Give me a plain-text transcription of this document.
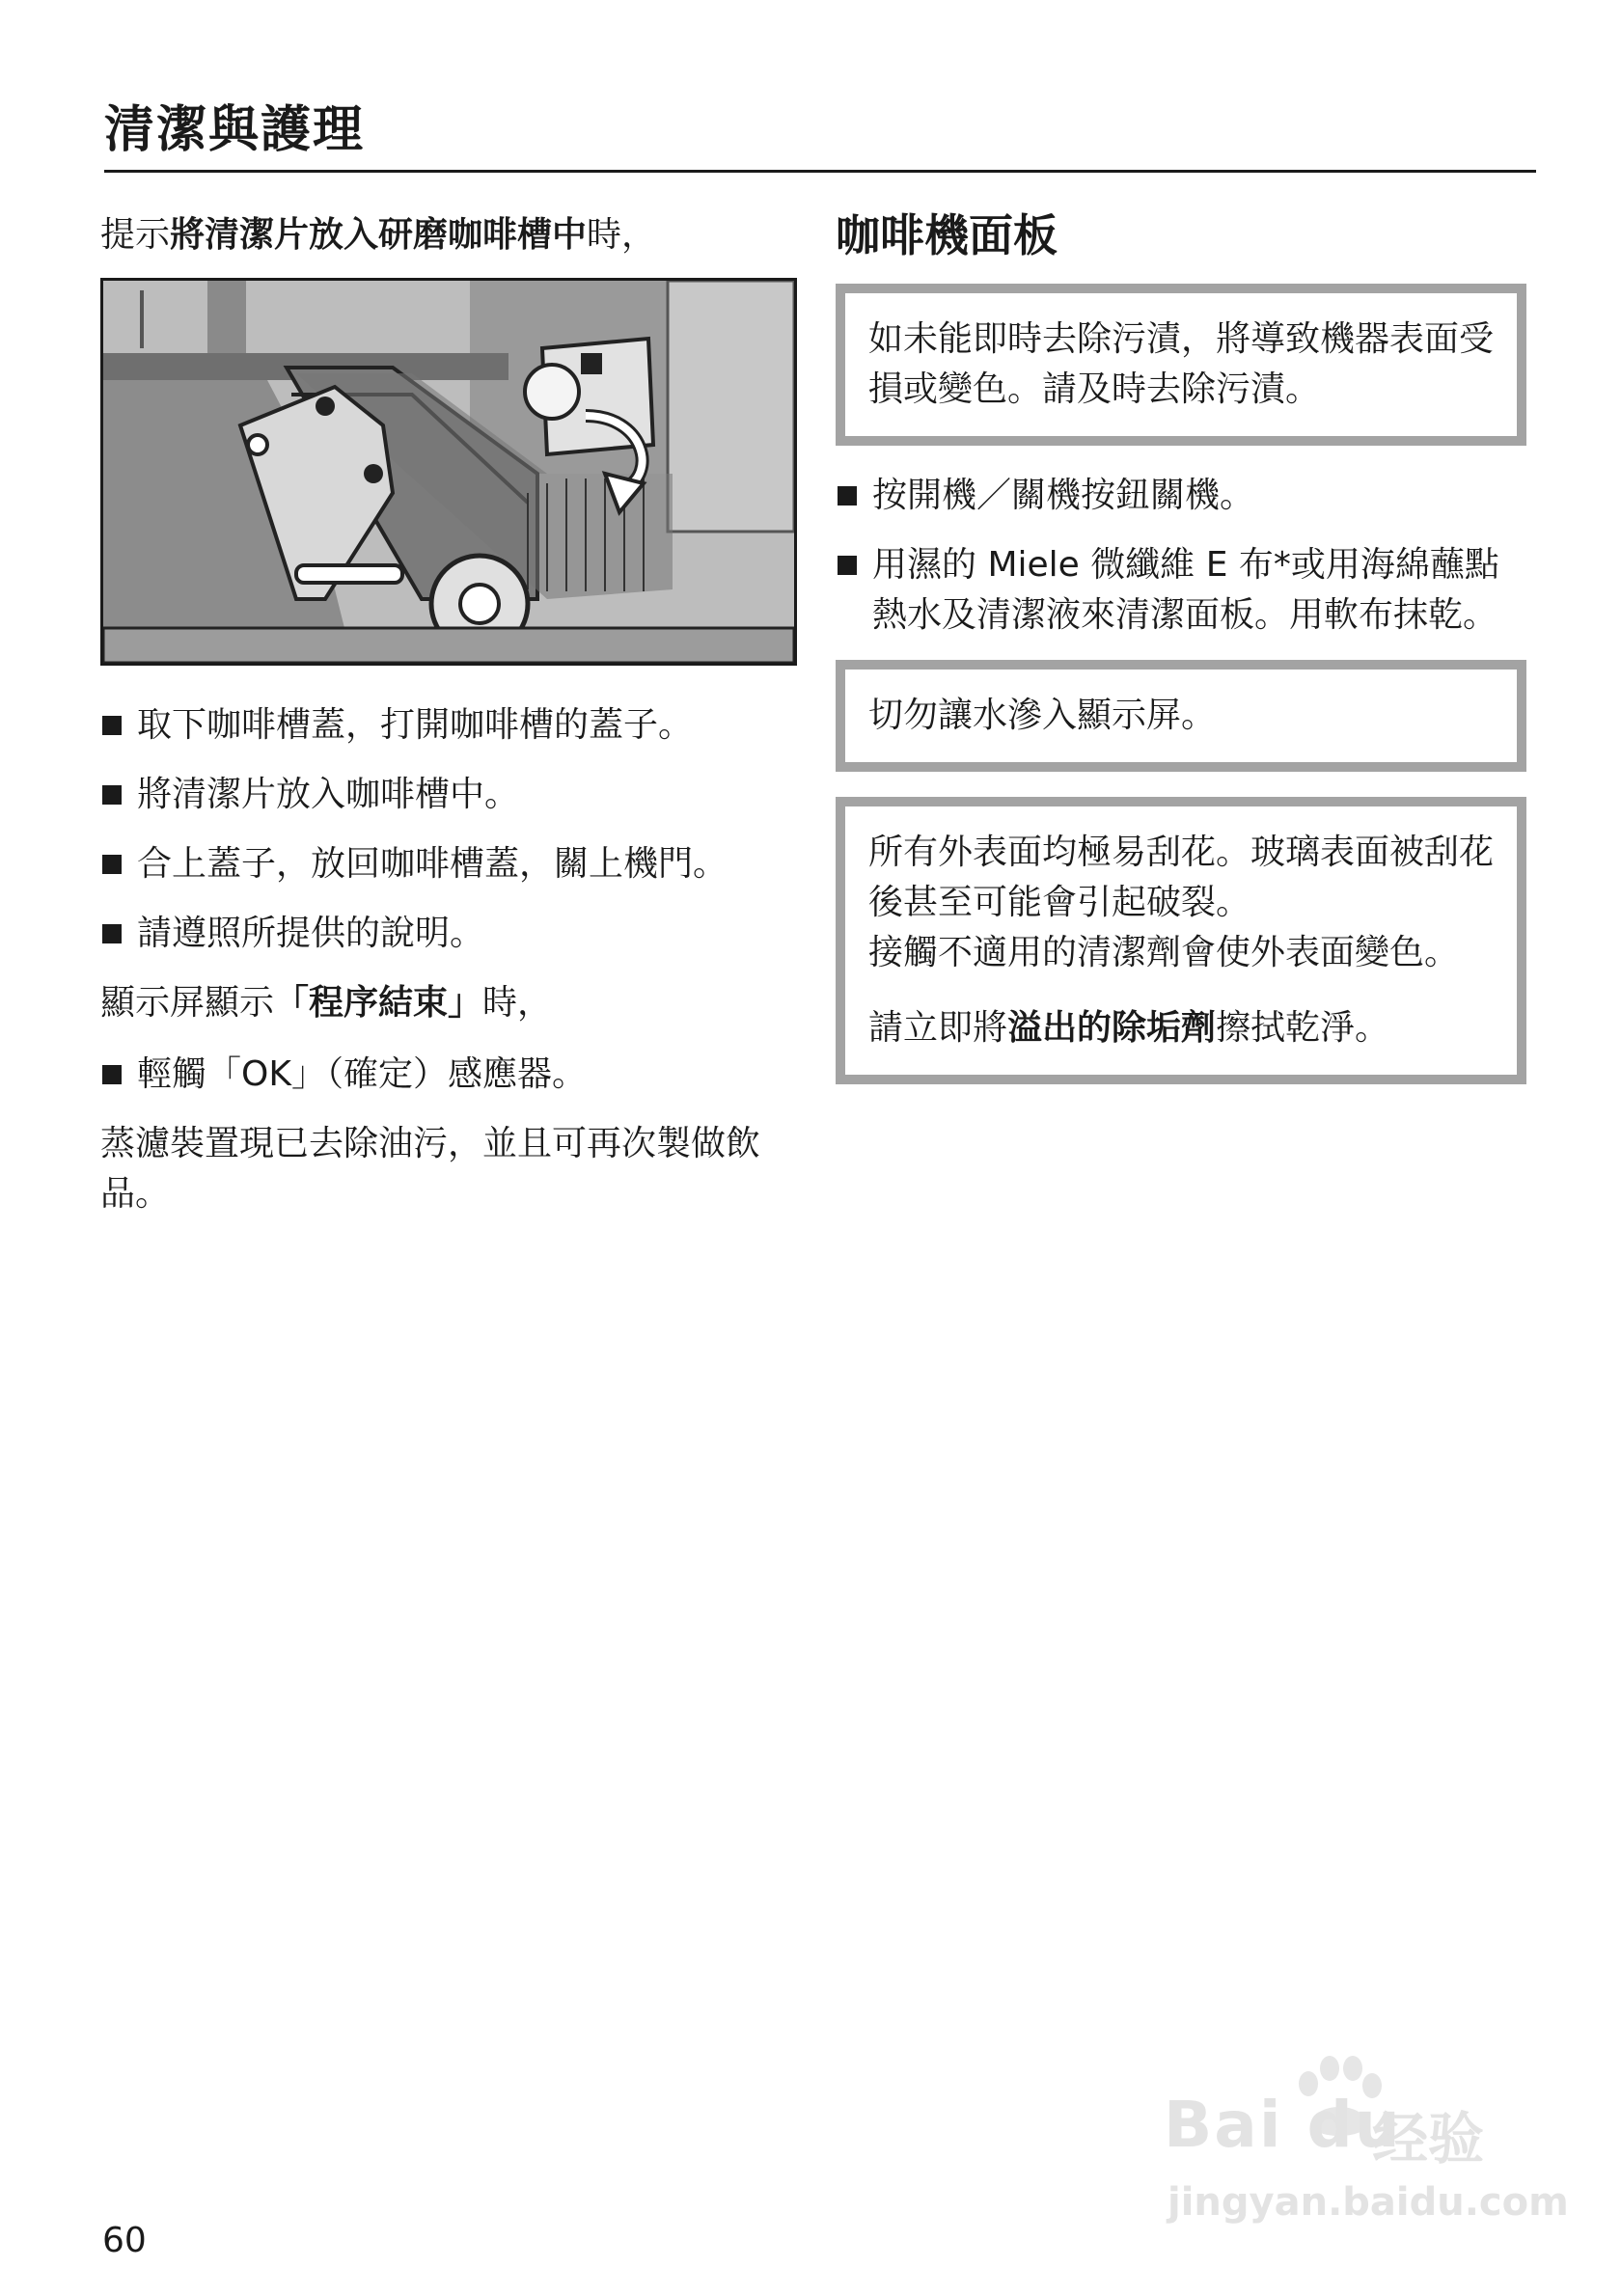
清潔與護理
提示將清潔片放入研磨咖啡槽中時，
取下咖啡槽蓋，打開咖啡槽的蓋子。
將清潔片放入咖啡槽中。
合上蓋子，放回咖啡槽蓋，關上機門。
請遵照所提供的說明。
顯示屏顯示「程序結束」時，
輕觸「OK」（確定）感應器。
蒸濾裝置現已去除油污，並且可再次製做飲品。
咖啡機面板
如未能即時去除污漬，將導致機器表面受損或變色。請及時去除污漬。
按開機／關機按鈕關機。
用濕的 Miele 微纖維 E 布*或用海綿蘸點熱水及清潔液來清潔面板。用軟布抹乾。
切勿讓水滲入顯示屏。
所有外表面均極易刮花。玻璃表面被刮花後甚至可能會引起破裂。
接觸不適用的清潔劑會使外表面變色。
請立即將溢出的除垢劑擦拭乾淨。
60
Bai du
经验
jingyan.baidu.com
